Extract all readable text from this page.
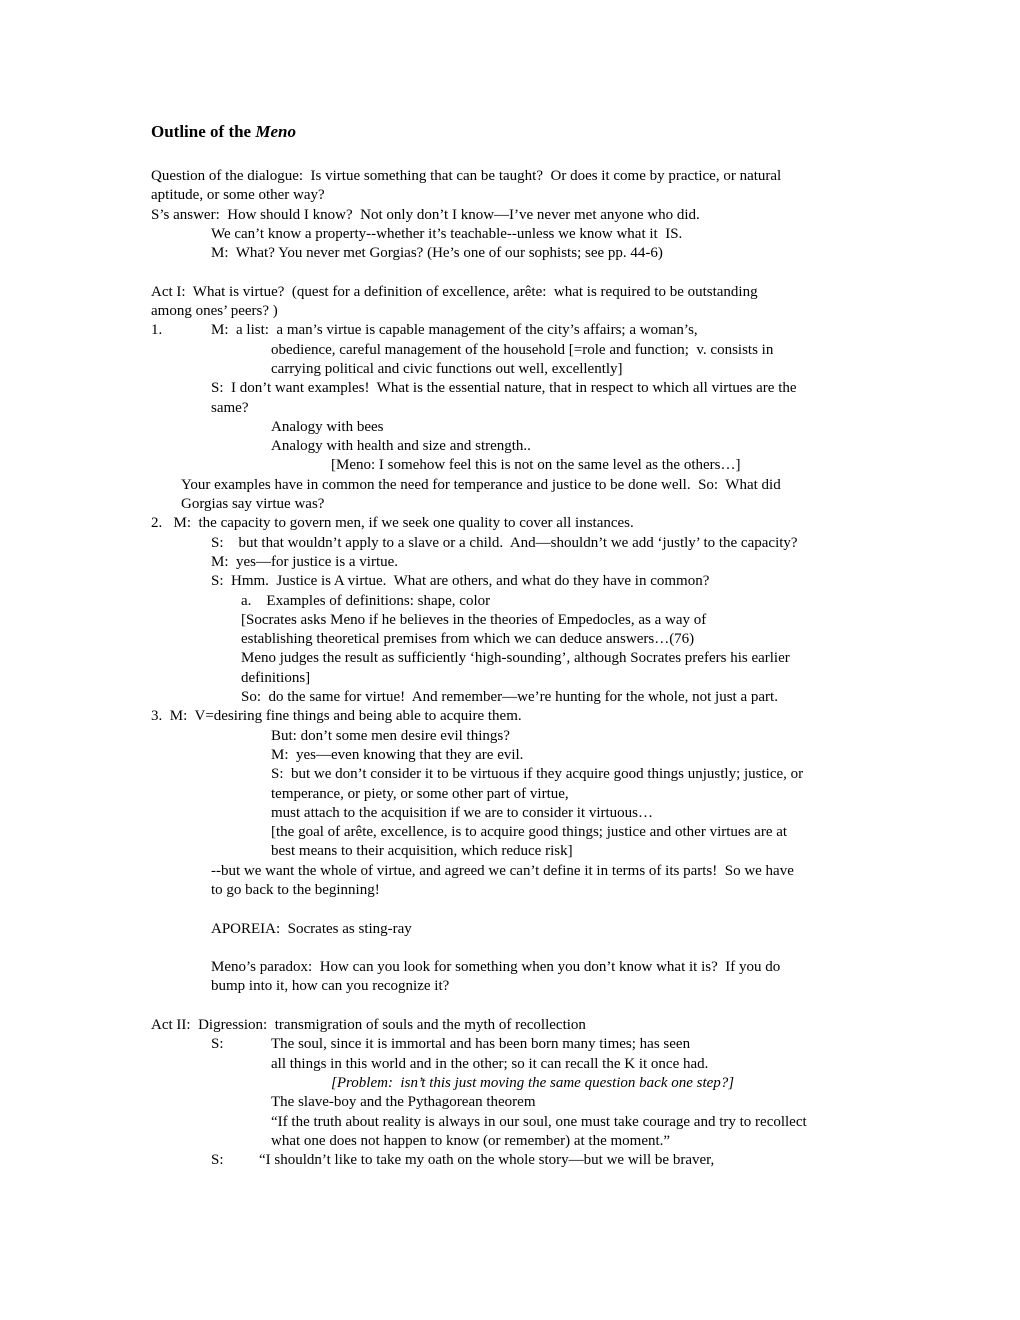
Outline of the Meno
Question of the dialogue:  Is virtue something that can be taught?  Or does it come by practice, or natural
aptitude, or some other way?
S’s answer:  How should I know?  Not only don’t I know—I’ve never met anyone who did.
We can’t know a property--whether it’s teachable--unless we know what it  IS.
M:  What? You never met Gorgias? (He’s one of our sophists; see pp. 44-6)

Act I:  What is virtue?  (quest for a definition of excellence, arête:  what is required to be outstanding
among ones’ peers? )
1.	M:  a list:  a man’s virtue is capable management of the city’s affairs; a woman’s,
obedience, careful management of the household [=role and function;  v. consists in
carrying political and civic functions out well, excellently]
S:  I don’t want examples!  What is the essential nature, that in respect to which all virtues are the
same?
Analogy with bees
Analogy with health and size and strength..
[Meno: I somehow feel this is not on the same level as the others…]
Your examples have in common the need for temperance and justice to be done well.  So:  What did
Gorgias say virtue was?
2.   M:  the capacity to govern men, if we seek one quality to cover all instances.
S:    but that wouldn’t apply to a slave or a child.  And—shouldn’t we add ‘justly’ to the capacity?
M:  yes—for justice is a virtue.
S:  Hmm.  Justice is A virtue.  What are others, and what do they have in common?
a.    Examples of definitions: shape, color
[Socrates asks Meno if he believes in the theories of Empedocles, as a way of
establishing theoretical premises from which we can deduce answers…(76)
Meno judges the result as sufficiently ‘high-sounding’, although Socrates prefers his earlier
definitions]
So:  do the same for virtue!  And remember—we’re hunting for the whole, not just a part.
3.  M:  V=desiring fine things and being able to acquire them.
But: don’t some men desire evil things?
M:  yes—even knowing that they are evil.
S:  but we don’t consider it to be virtuous if they acquire good things unjustly; justice, or
temperance, or piety, or some other part of virtue,
must attach to the acquisition if we are to consider it virtuous…
[the goal of arête, excellence, is to acquire good things; justice and other virtues are at
best means to their acquisition, which reduce risk]
--but we want the whole of virtue, and agreed we can’t define it in terms of its parts!  So we have
to go back to the beginning!

APOREIA:  Socrates as sting-ray

Meno’s paradox:  How can you look for something when you don’t know what it is?  If you do
bump into it, how can you recognize it?

Act II:  Digression:  transmigration of souls and the myth of recollection
S:	The soul, since it is immortal and has been born many times; has seen
all things in this world and in the other; so it can recall the K it once had.
[Problem:  isn’t this just moving the same question back one step?]
The slave-boy and the Pythagorean theorem
“If the truth about reality is always in our soul, one must take courage and try to recollect
what one does not happen to know (or remember) at the moment.”
S: “I shouldn’t like to take my oath on the whole story—but we will be braver,
